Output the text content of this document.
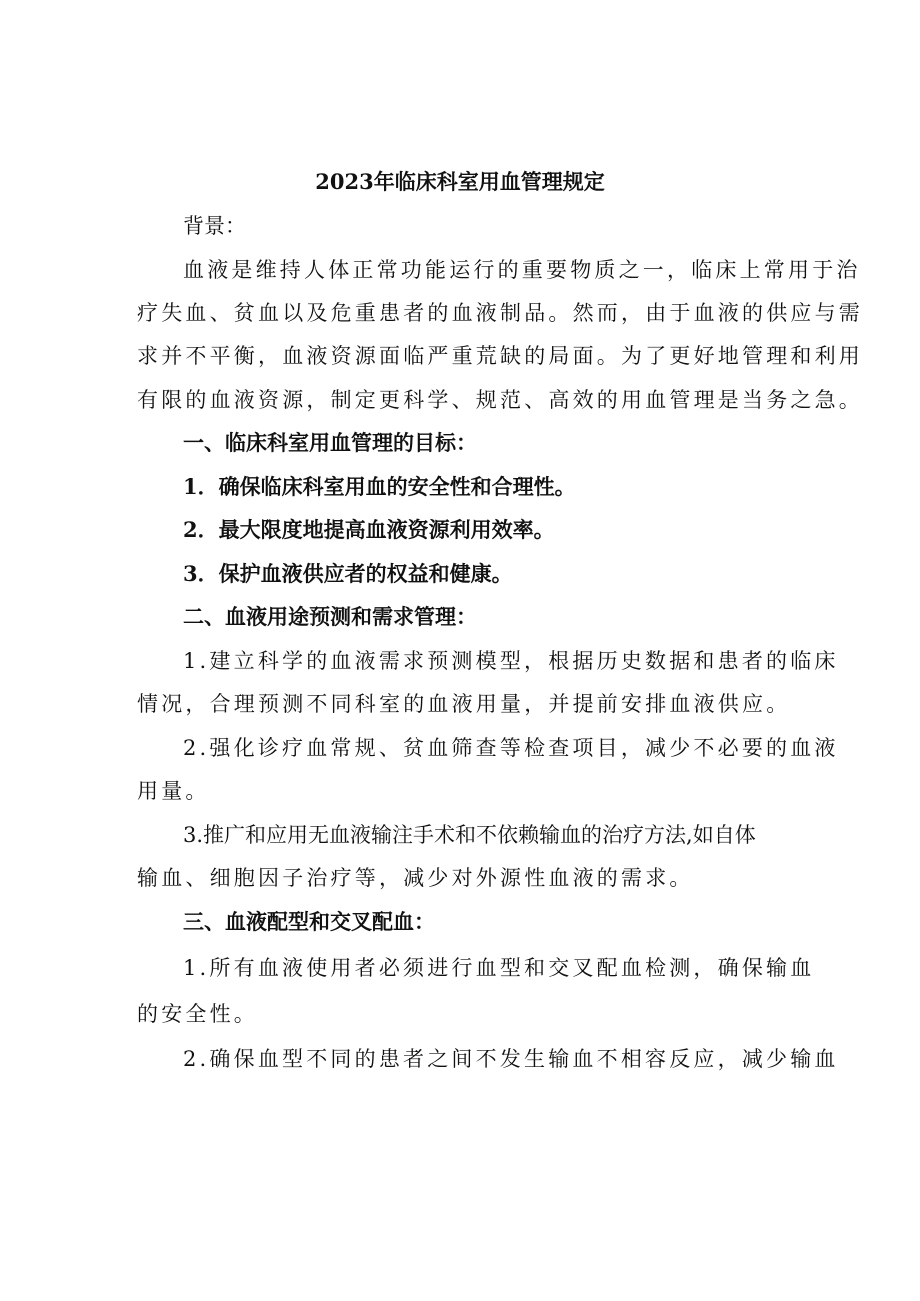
2023年临床科室用血管理规定
背景：
血液是维持人体正常功能运行的重要物质之一，临床上常用于治
疗失血、贫血以及危重患者的血液制品。然而，由于血液的供应与需
求并不平衡，血液资源面临严重荒缺的局面。为了更好地管理和利用
有限的血液资源，制定更科学、规范、高效的用血管理是当务之急。
一、临床科室用血管理的目标：
1．确保临床科室用血的安全性和合理性。
2．最大限度地提高血液资源利用效率。
3．保护血液供应者的权益和健康。
二、血液用途预测和需求管理：
1.建立科学的血液需求预测模型，根据历史数据和患者的临床
情况，合理预测不同科室的血液用量，并提前安排血液供应。
2.强化诊疗血常规、贫血筛查等检查项目，减少不必要的血液
用量。
3.推广和应用无血液输注手术和不依赖输血的治疗方法,如自体
输血、细胞因子治疗等，减少对外源性血液的需求。
三、血液配型和交叉配血：
1.所有血液使用者必须进行血型和交叉配血检测，确保输血
的安全性。
2.确保血型不同的患者之间不发生输血不相容反应，减少输血
